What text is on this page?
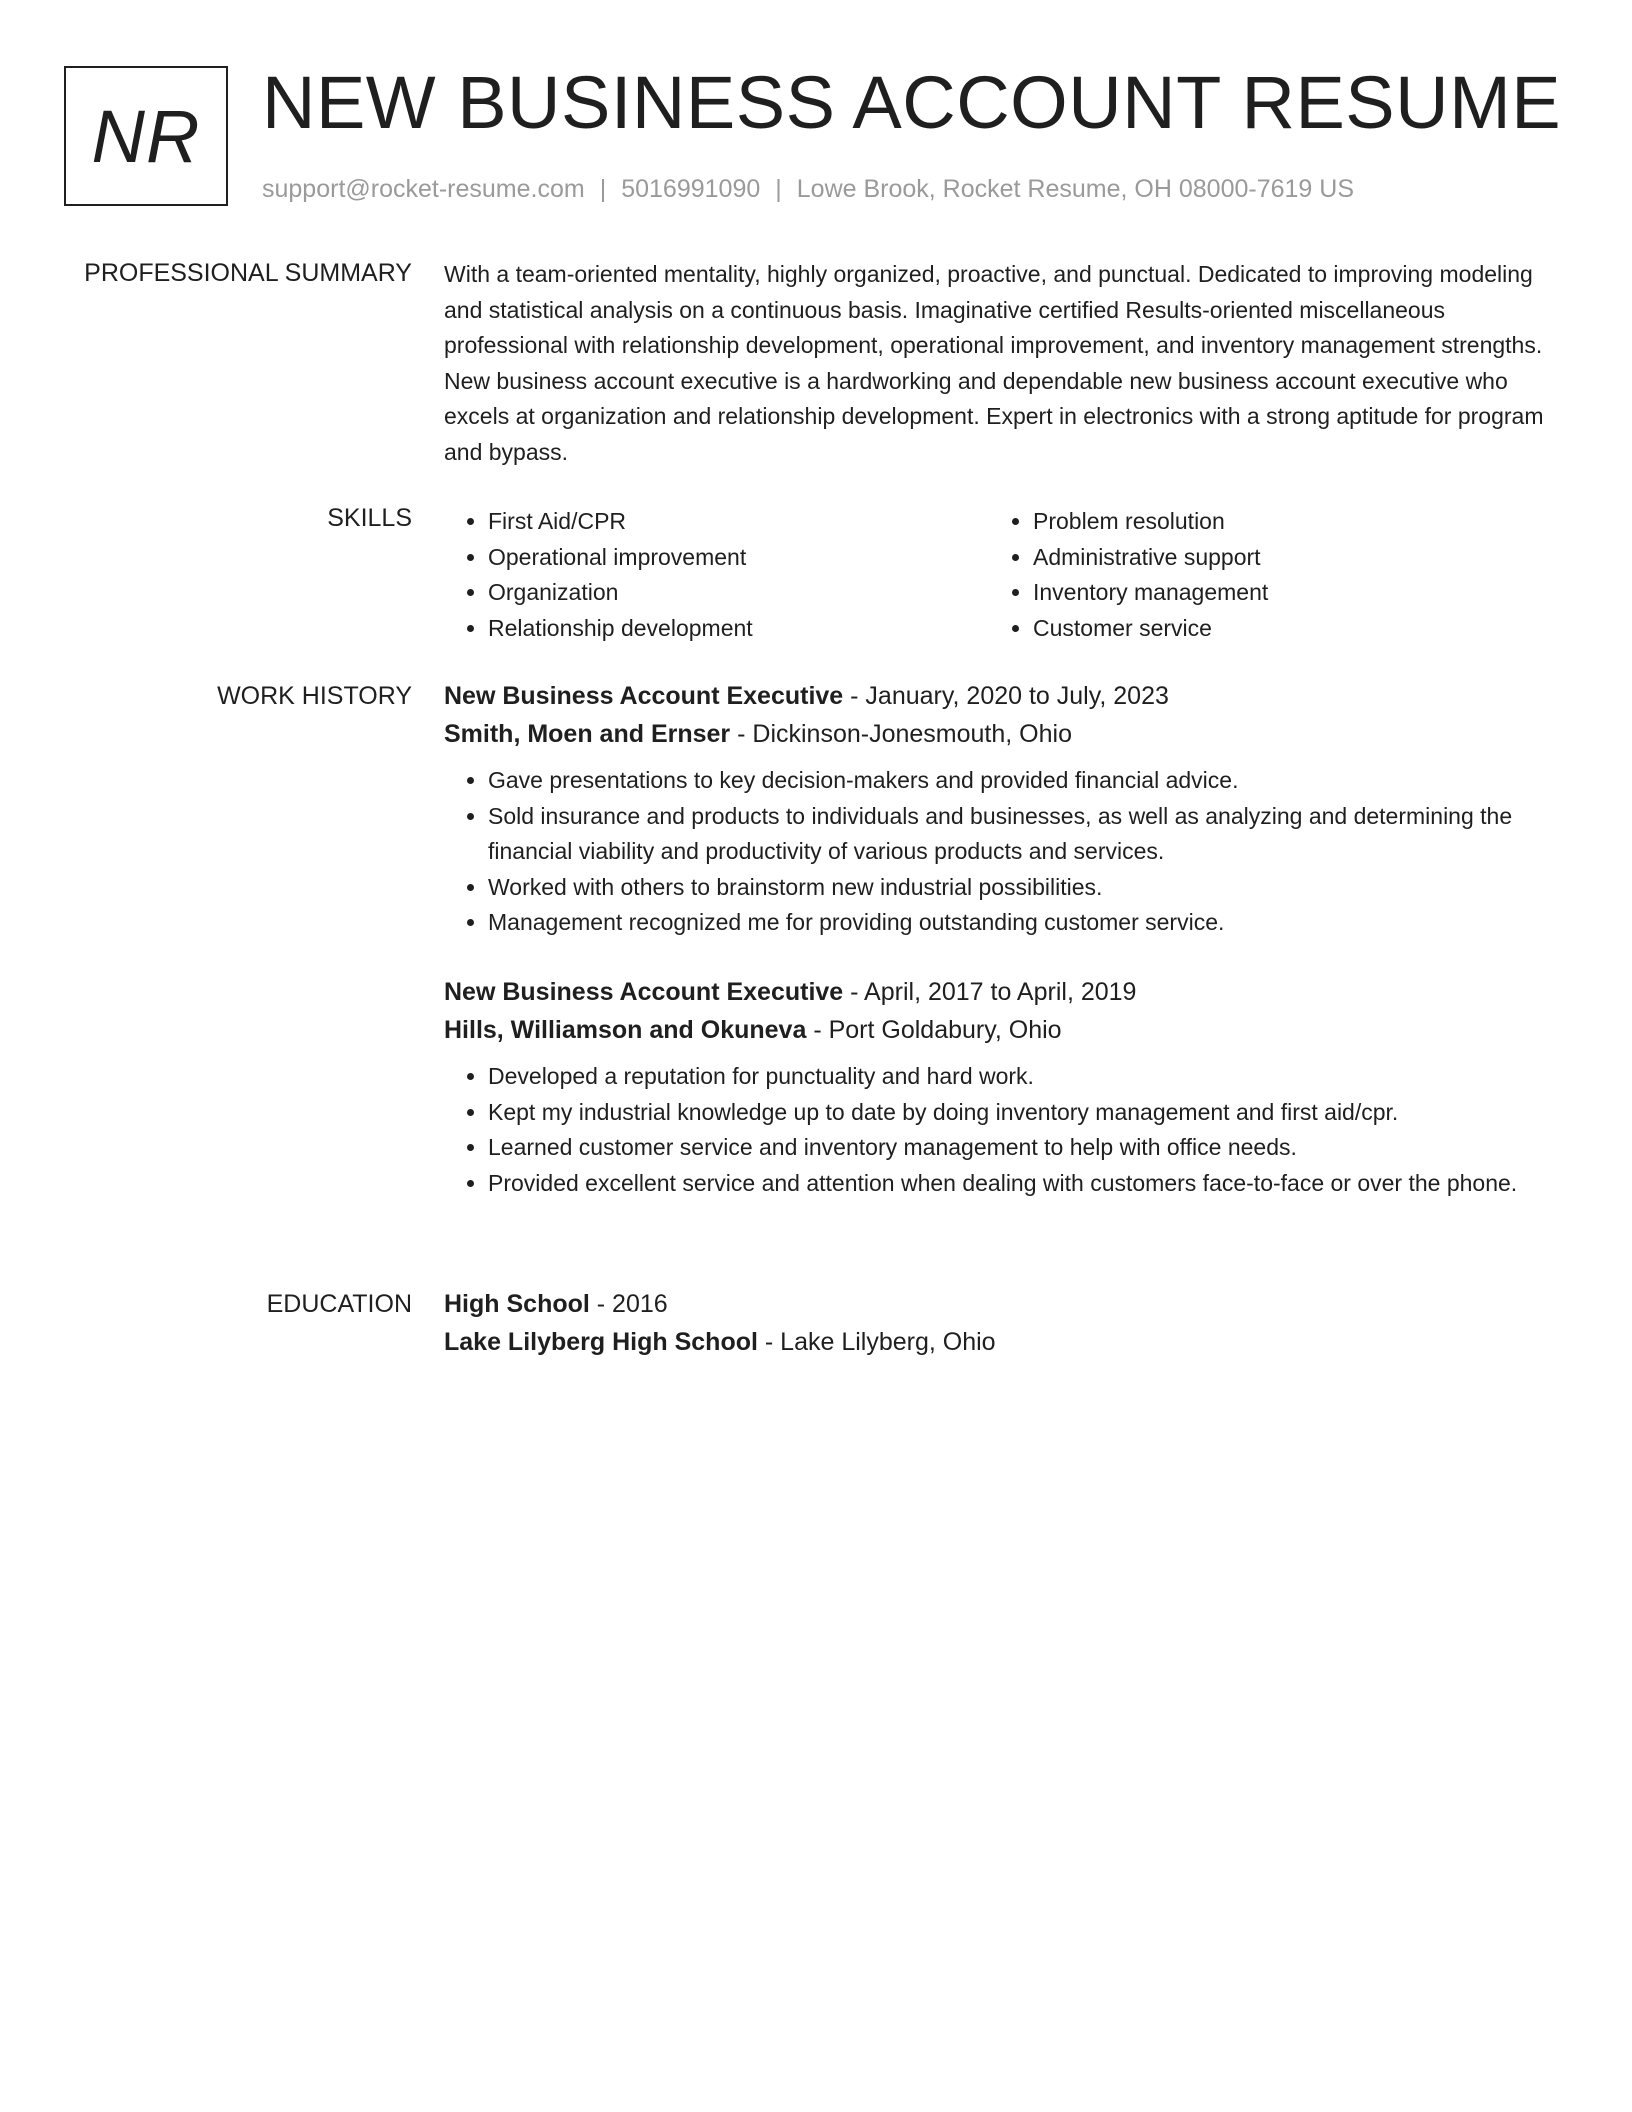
NR NEW BUSINESS ACCOUNT RESUME
support@rocket-resume.com | 5016991090 | Lowe Brook, Rocket Resume, OH 08000-7619 US
PROFESSIONAL SUMMARY With a team-oriented mentality, highly organized, proactive, and punctual. Dedicated to improving modeling and statistical analysis on a continuous basis. Imaginative certified Results-oriented miscellaneous professional with relationship development, operational improvement, and inventory management strengths. New business account executive is a hardworking and dependable new business account executive who excels at organization and relationship development. Expert in electronics with a strong aptitude for program and bypass.

SKILLS
•	First Aid/CPR
• Operational improvement
• Organization
• Relationship development
• Problem resolution
• Administrative support
• Inventory management
• Customer service
WORK HISTORY New Business Account Executive - January, 2020 to July, 2023
Smith, Moen and Ernser - Dickinson-Jonesmouth, Ohio
• Gave presentations to key decision-makers and provided financial advice.
• Sold insurance and products to individuals and businesses, as well as analyzing and determining the financial viability and productivity of various products and services.
• Worked with others to brainstorm new industrial possibilities.
• Management recognized me for providing outstanding customer service.
New Business Account Executive - April, 2017 to April, 2019
Hills, Williamson and Okuneva - Port Goldabury, Ohio
• Developed a reputation for punctuality and hard work.
• Kept my industrial knowledge up to date by doing inventory management and first aid/cpr.
• Learned customer service and inventory management to help with office needs.
• Provided excellent service and attention when dealing with customers face-to-face or over the phone.
EDUCATION High School - 2016
Lake Lilyberg High School - Lake Lilyberg, Ohio
